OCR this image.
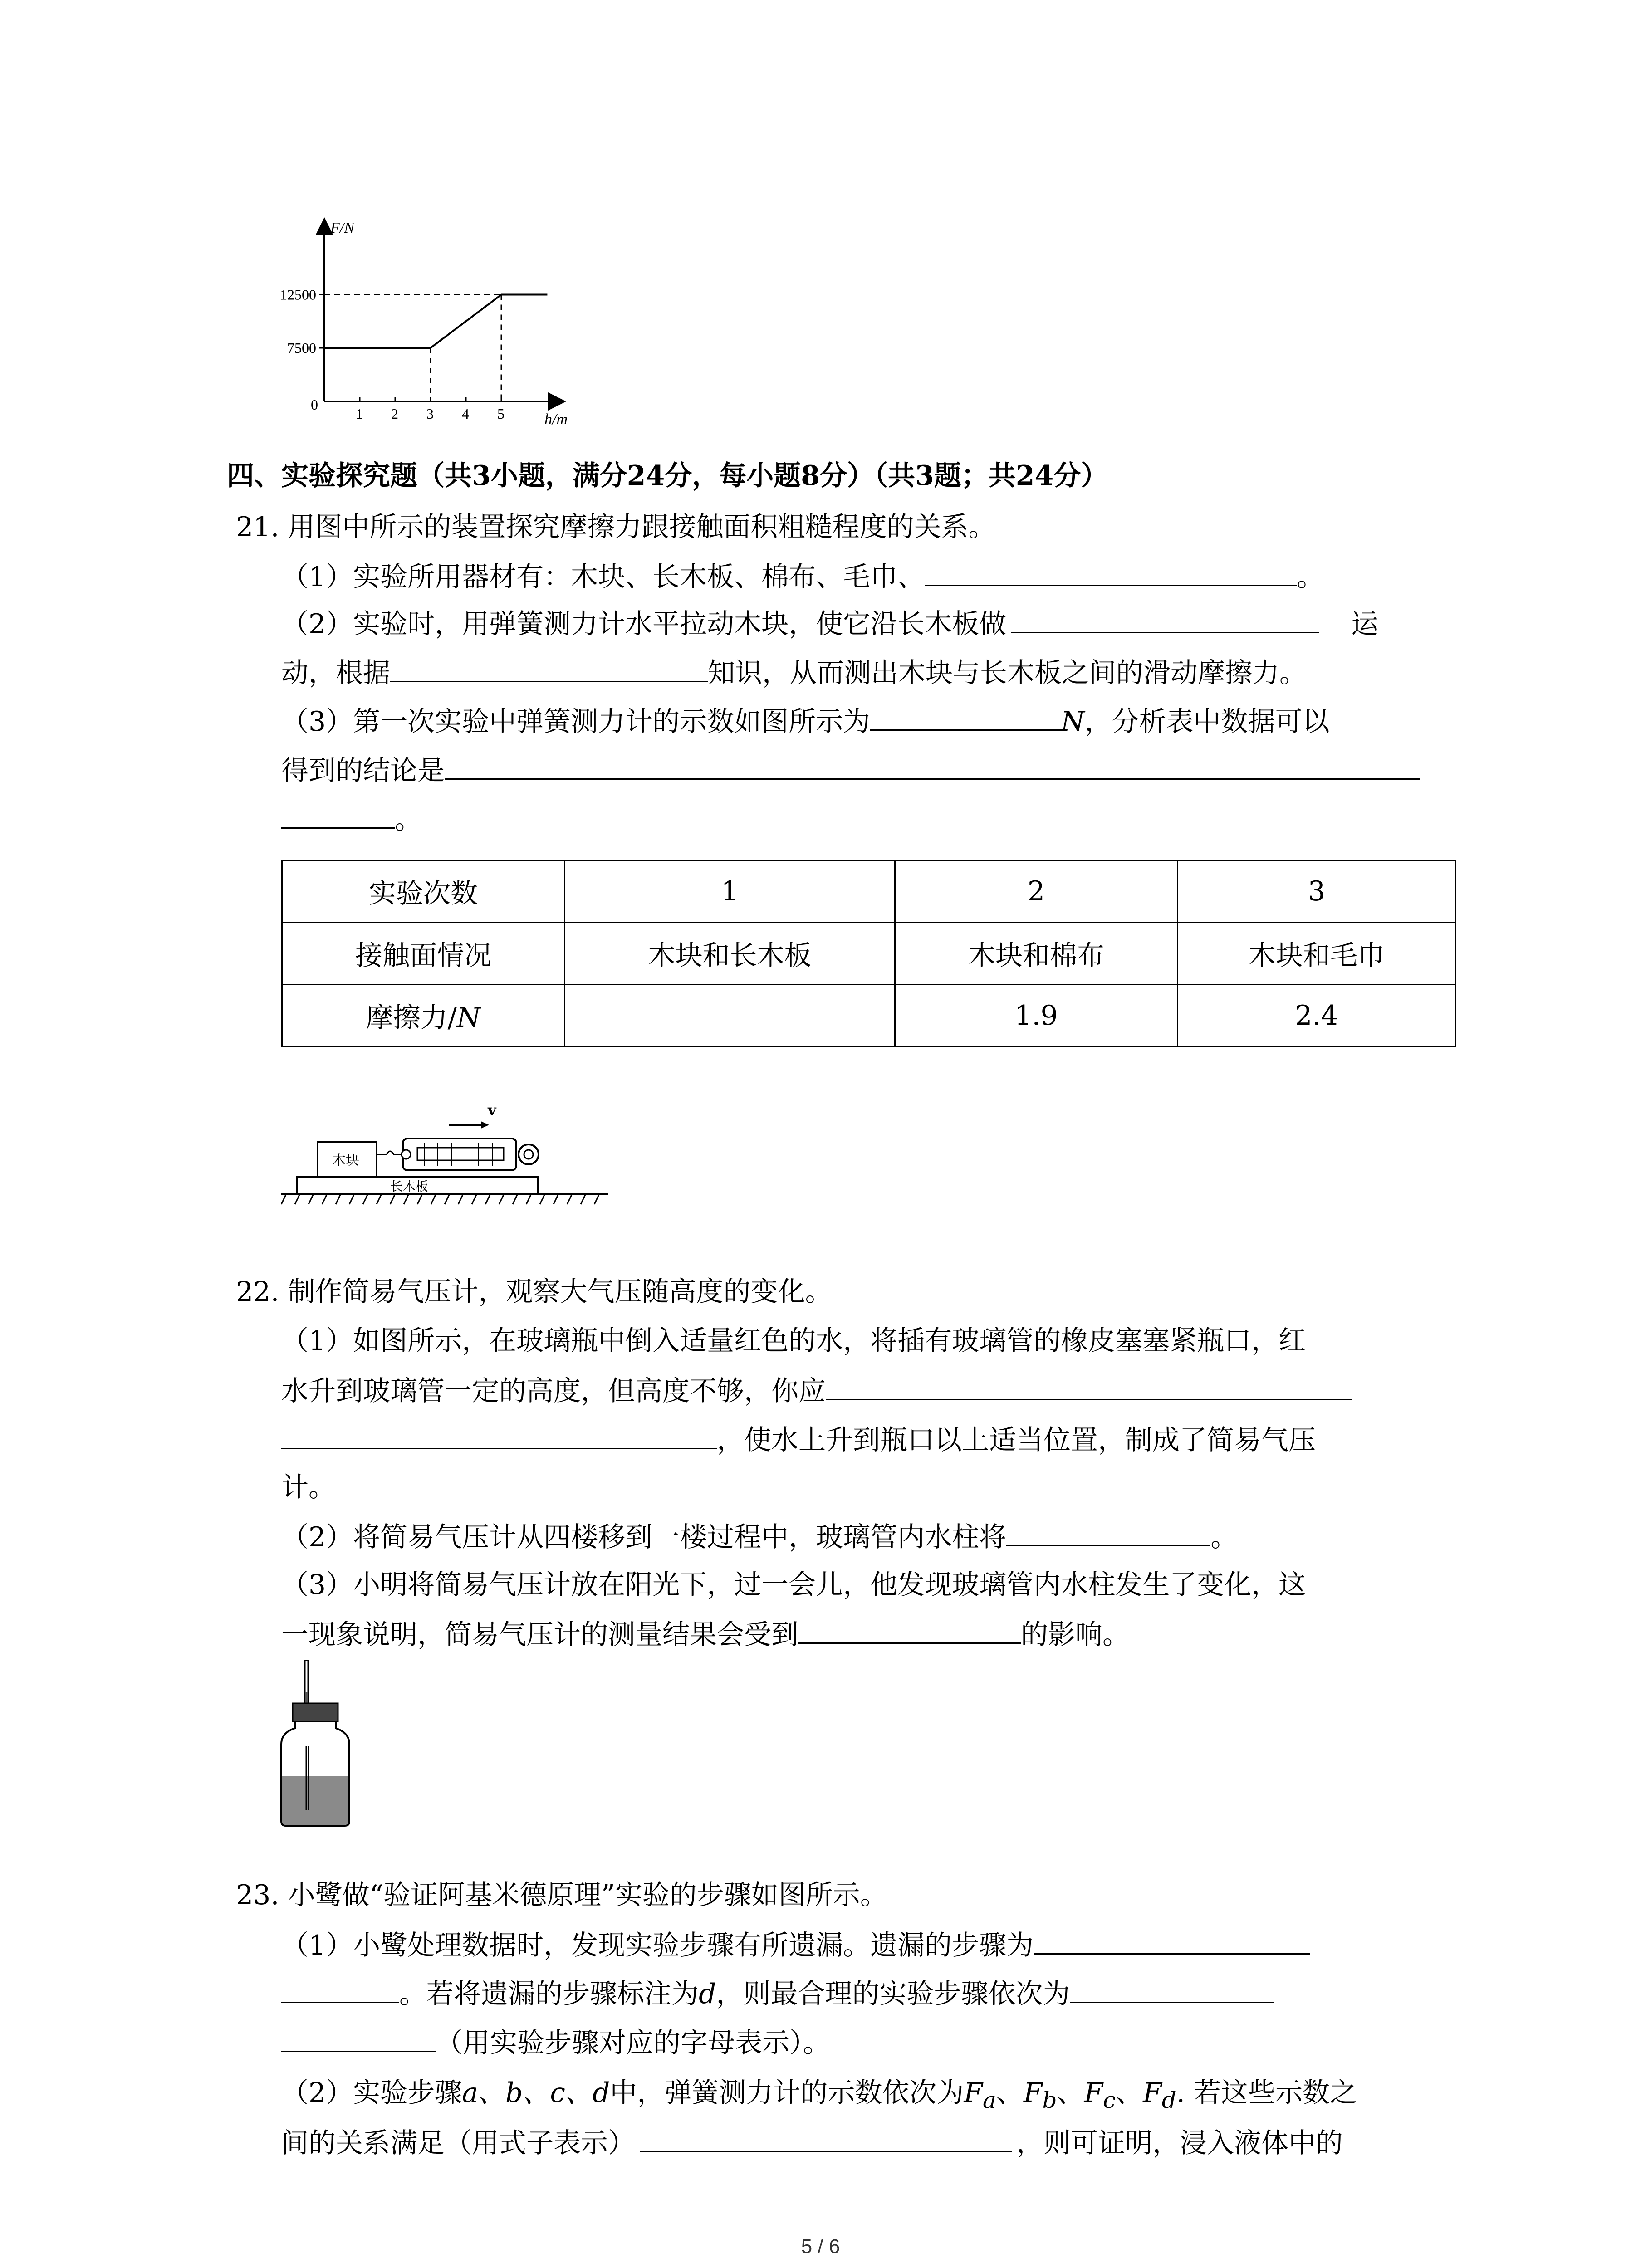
1 2 3 4 5
7500
12500
F/N
h/m
0
四、实验探究题（共3小题，满分24分，每小题8分）（共3题；共24分）
21. 用图中所示的装置探究摩擦力跟接触面积粗糙程度的关系。
（1）实验所用器材有：木块、长木板、棉布、毛巾、	。
（2）实验时，用弹簧测力计水平拉动木块，使它沿长木板做	运
动，根据	知识，从而测出木块与长木板之间的滑动摩擦力。
（3）第一次实验中弹簧测力计的示数如图所示为	N，分析表中数据可以
得到的结论是
。
实验次数	1	2	3
接触面情况	木块和长木板	木块和棉布	木块和毛巾
摩擦力/N		1.9	2.4
长木板
木块
v
22. 制作简易气压计，观察大气压随高度的变化。
（1）如图所示，在玻璃瓶中倒入适量红色的水，将插有玻璃管的橡皮塞塞紧瓶口，红
水升到玻璃管一定的高度，但高度不够，你应
，使水上升到瓶口以上适当位置，制成了简易气压
计。
（2）将简易气压计从四楼移到一楼过程中，玻璃管内水柱将	。
（3）小明将简易气压计放在阳光下，过一会儿，他发现玻璃管内水柱发生了变化，这
一现象说明，简易气压计的测量结果会受到	的影响。
23. 小鹭做“验证阿基米德原理”实验的步骤如图所示。
（1）小鹭处理数据时，发现实验步骤有所遗漏。遗漏的步骤为
。若将遗漏的步骤标注为d，则最合理的实验步骤依次为
（用实验步骤对应的字母表示）。
（2）实验步骤a、b、c、d中，弹簧测力计的示数依次为$F_a$、$F_b$、$F_c$、$F_d$. 若这些示数之
间的关系满足（用式子表示）	，则可证明，浸入液体中的
5 / 6
